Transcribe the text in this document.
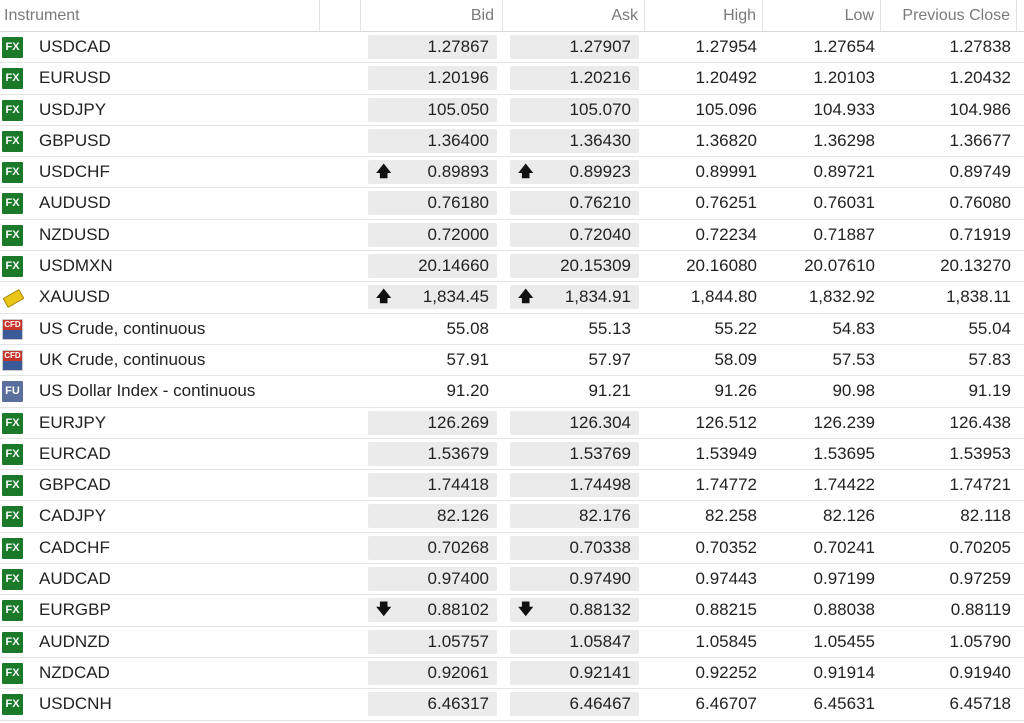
Instrument	Bid	Ask	High	Low	Previous Close
FX USDCAD	1.27867	1.27907	1.27954	1.27654	1.27838
FX EURUSD	1.20196	1.20216	1.20492	1.20103	1.20432
FX USDJPY	105.050	105.070	105.096	104.933	104.986
FX GBPUSD	1.36400	1.36430	1.36820	1.36298	1.36677
FX USDCHF	🡅 0.89893	🡅 0.89923	0.89991	0.89721	0.89749
FX AUDUSD	0.76180	0.76210	0.76251	0.76031	0.76080
FX NZDUSD	0.72000	0.72040	0.72234	0.71887	0.71919
FX USDMXN	20.14660	20.15309	20.16080	20.07610	20.13270
XAUUSD	🡅 1,834.45	🡅 1,834.91	1,844.80	1,832.92	1,838.11
CFD US Crude, continuous	55.08	55.13	55.22	54.83	55.04
CFD UK Crude, continuous	57.91	57.97	58.09	57.53	57.83
FU US Dollar Index - continuous	91.20	91.21	91.26	90.98	91.19
FX EURJPY	126.269	126.304	126.512	126.239	126.438
FX EURCAD	1.53679	1.53769	1.53949	1.53695	1.53953
FX GBPCAD	1.74418	1.74498	1.74772	1.74422	1.74721
FX CADJPY	82.126	82.176	82.258	82.126	82.118
FX CADCHF	0.70268	0.70338	0.70352	0.70241	0.70205
FX AUDCAD	0.97400	0.97490	0.97443	0.97199	0.97259
FX EURGBP	🡇 0.88102	🡇 0.88132	0.88215	0.88038	0.88119
FX AUDNZD	1.05757	1.05847	1.05845	1.05455	1.05790
FX NZDCAD	0.92061	0.92141	0.92252	0.91914	0.91940
FX USDCNH	6.46317	6.46467	6.46707	6.45631	6.45718
